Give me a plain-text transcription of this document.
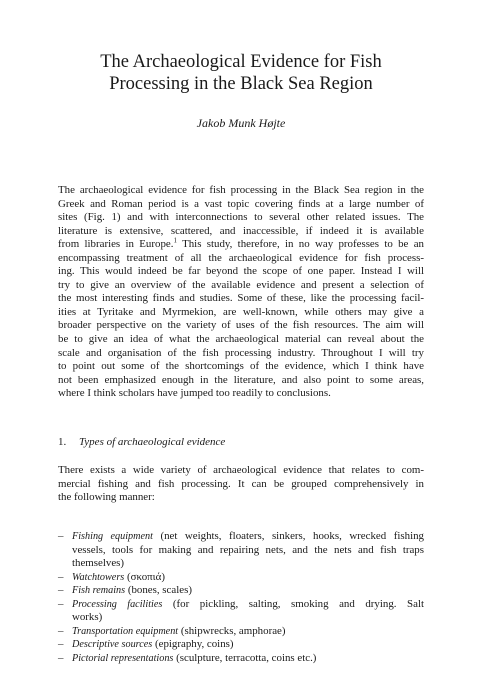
The Archaeological Evidence for Fish
Processing in the Black Sea Region
Jakob Munk Højte

The archaeological evidence for fish processing in the Black Sea region in the
Greek and Roman period is a vast topic covering finds at a large number of
sites (Fig. 1) and with interconnections to several other related issues. The
literature is extensive, scattered, and inaccessible, if indeed it is available
from libraries in Europe.$^1$ This study, therefore, in no way professes to be an
encompassing treatment of all the archaeological evidence for fish process-
ing. This would indeed be far beyond the scope of one paper. Instead I will
try to give an overview of the available evidence and present a selection of
the most interesting finds and studies. Some of these, like the processing facil-
ities at Tyritake and Myrmekion, are well-known, while others may give a
broader perspective on the variety of uses of the fish resources. The aim will
be to give an idea of what the archaeological material can reveal about the
scale and organisation of the fish processing industry. Throughout I will try
to point out some of the shortcomings of the evidence, which I think have
not been emphasized enough in the literature, and also point to some areas,
where I think scholars have jumped too readily to conclusions.

1. Types of archaeological evidence

There exists a wide variety of archaeological evidence that relates to com-
mercial fishing and fish processing. It can be grouped comprehensively in
the following manner:

– Fishing equipment (net weights, floaters, sinkers, hooks, wrecked fishing
vessels, tools for making and repairing nets, and the nets and fish traps
themselves)
– Watchtowers (σκοπιά)
– Fish remains (bones, scales)
– Processing facilities (for pickling, salting, smoking and drying. Salt
works)
– Transportation equipment (shipwrecks, amphorae)
– Descriptive sources (epigraphy, coins)
– Pictorial representations (sculpture, terracotta, coins etc.)
